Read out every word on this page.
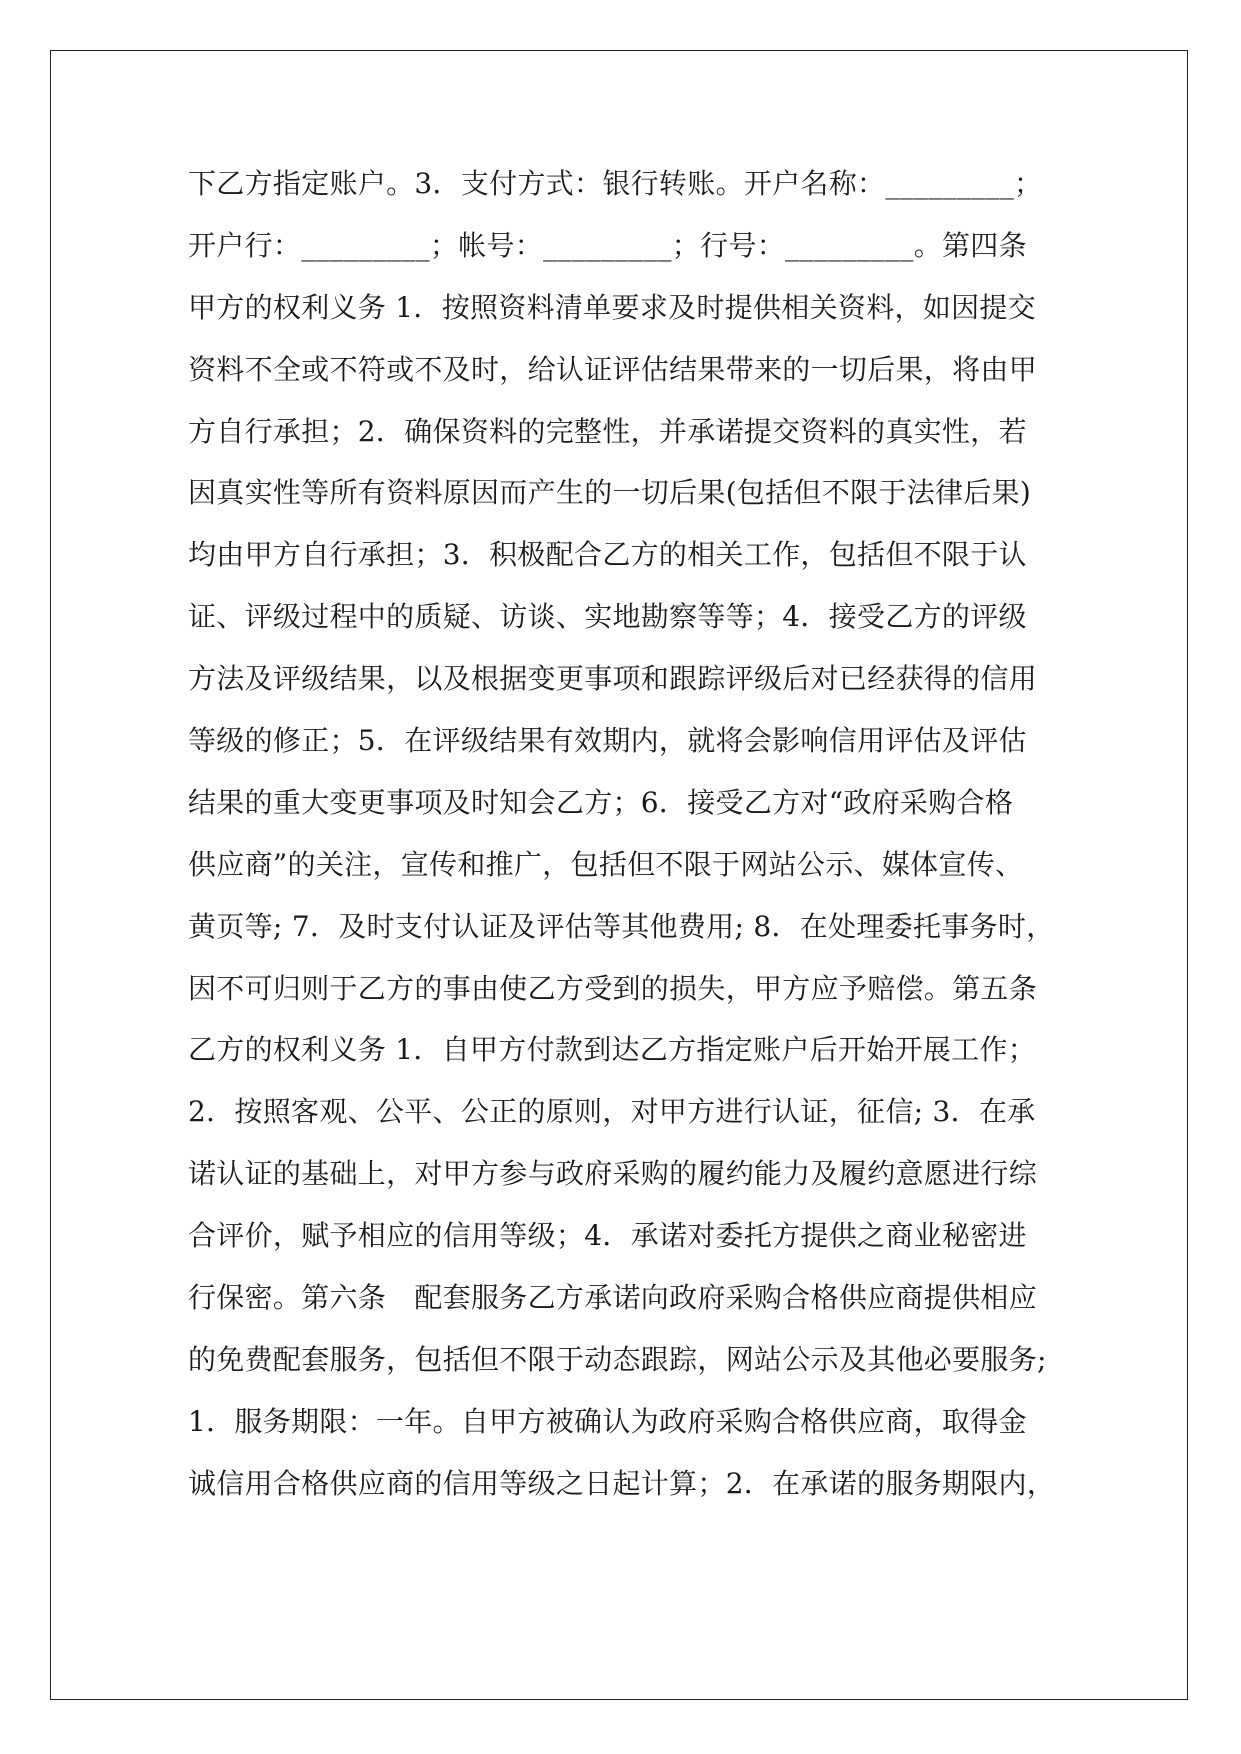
下乙方指定账户。3．支付方式：银行转账。开户名称：_________；
开户行：_________；帐号：_________；行号：_________。第四条
甲方的权利义务 1．按照资料清单要求及时提供相关资料，如因提交
资料不全或不符或不及时，给认证评估结果带来的一切后果，将由甲
方自行承担；2．确保资料的完整性，并承诺提交资料的真实性，若
因真实性等所有资料原因而产生的一切后果(包括但不限于法律后果)
均由甲方自行承担；3．积极配合乙方的相关工作，包括但不限于认
证、评级过程中的质疑、访谈、实地勘察等等；4．接受乙方的评级
方法及评级结果，以及根据变更事项和跟踪评级后对已经获得的信用
等级的修正；5．在评级结果有效期内，就将会影响信用评估及评估
结果的重大变更事项及时知会乙方；6．接受乙方对“政府采购合格
供应商”的关注，宣传和推广，包括但不限于网站公示、媒体宣传、
黄页等; 7．及时支付认证及评估等其他费用; 8．在处理委托事务时，
因不可归则于乙方的事由使乙方受到的损失，甲方应予赔偿。第五条
乙方的权利义务 1．自甲方付款到达乙方指定账户后开始开展工作；
2．按照客观、公平、公正的原则，对甲方进行认证，征信; 3．在承
诺认证的基础上，对甲方参与政府采购的履约能力及履约意愿进行综
合评价，赋予相应的信用等级；4．承诺对委托方提供之商业秘密进
行保密。第六条　配套服务乙方承诺向政府采购合格供应商提供相应
的免费配套服务，包括但不限于动态跟踪，网站公示及其他必要服务;
1．服务期限：一年。自甲方被确认为政府采购合格供应商，取得金
诚信用合格供应商的信用等级之日起计算；2．在承诺的服务期限内，
